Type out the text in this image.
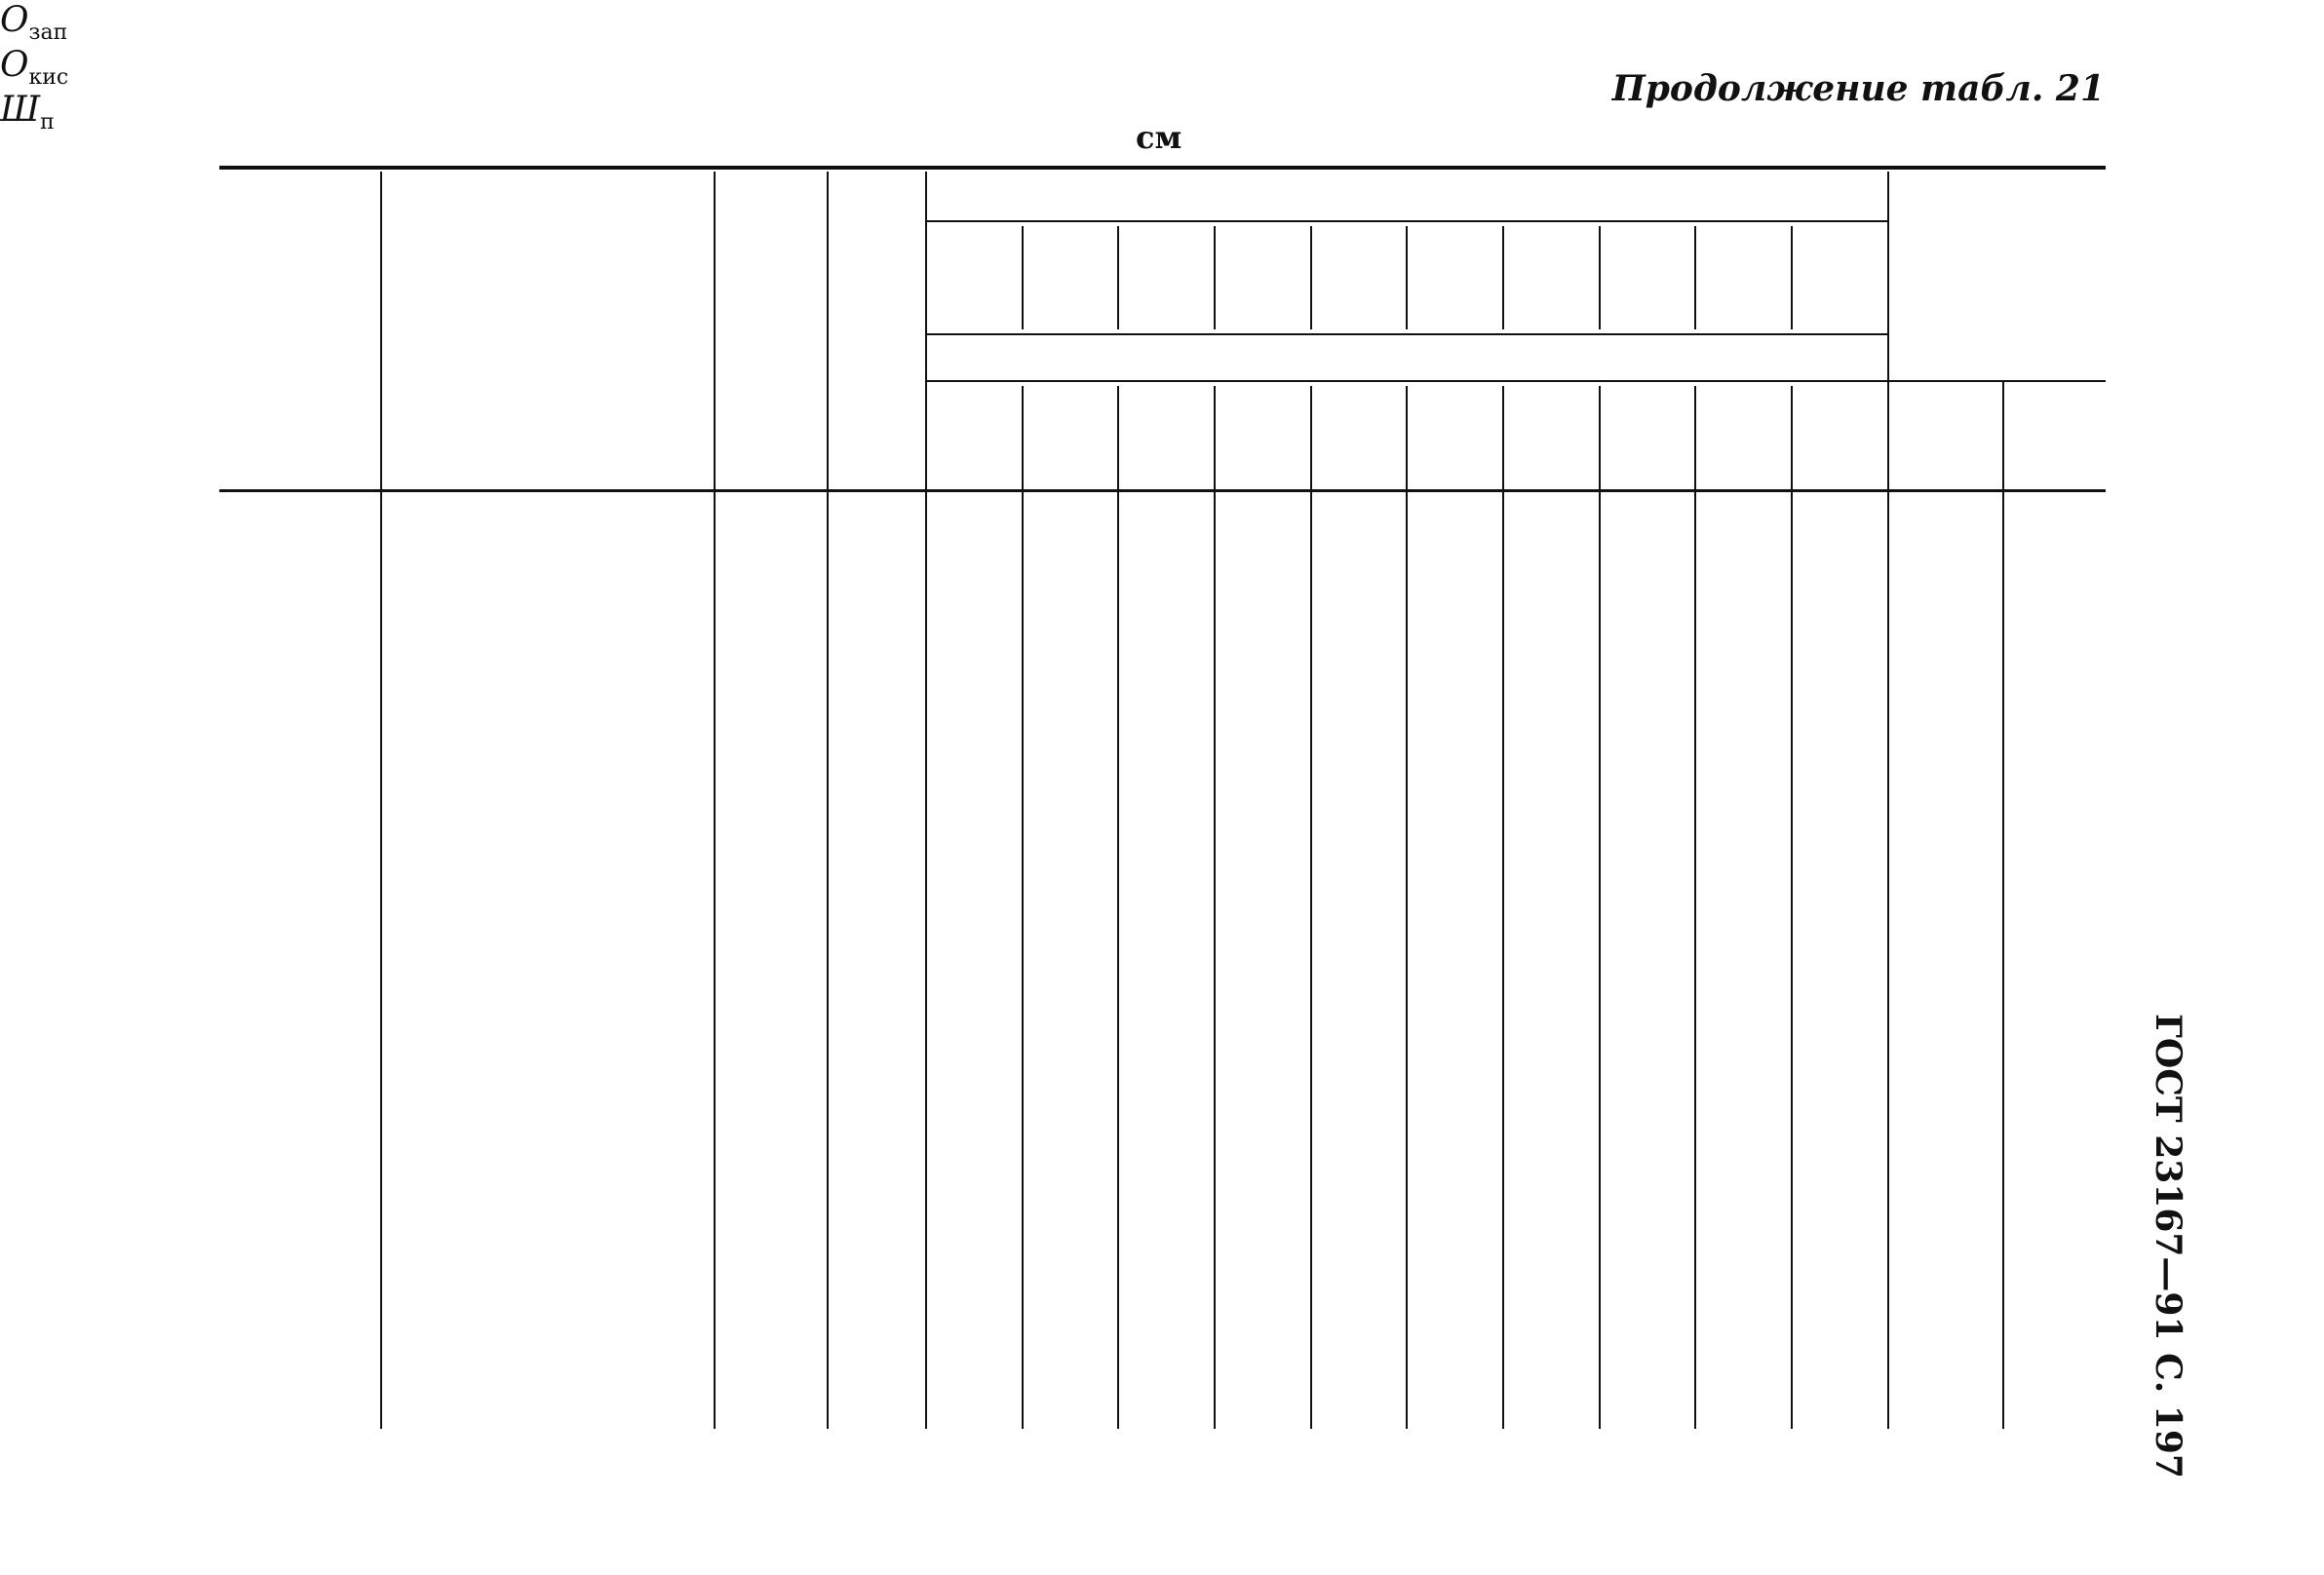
Продолжение табл. 21
см
ГОСТ 23167—91 С. 197
$О_{зап}$
$О_{кис}$
$Ш_п$
